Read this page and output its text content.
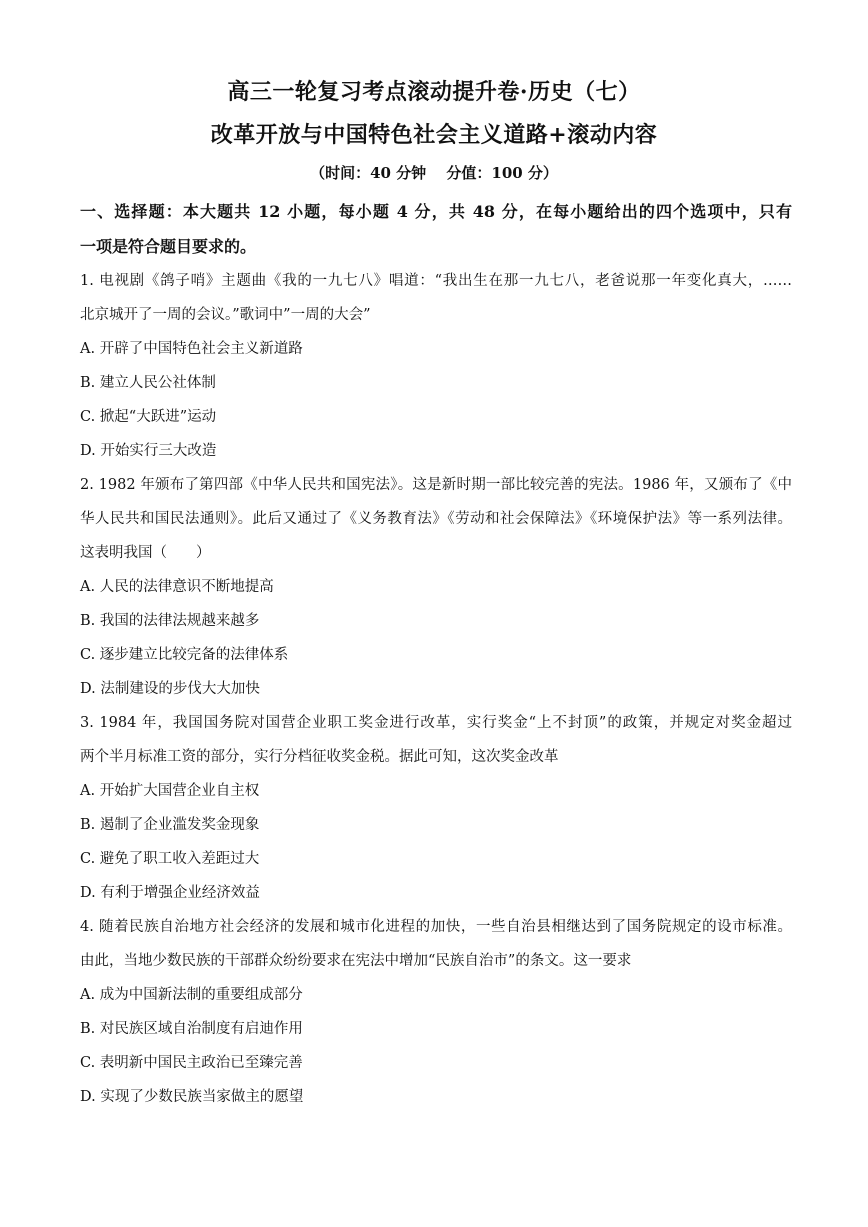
高三一轮复习考点滚动提升卷·历史（七）
改革开放与中国特色社会主义道路+滚动内容
（时间：40 分钟　 分值：100 分）
一、选择题：本大题共 12 小题，每小题 4 分，共 48 分，在每小题给出的四个选项中，只有
一项是符合题目要求的。
1. 电视剧《鸽子哨》主题曲《我的一九七八》唱道：“我出生在那一九七八，老爸说那一年变化真大，……
北京城开了一周的会议。”歌词中”一周的大会”
A. 开辟了中国特色社会主义新道路
B. 建立人民公社体制
C. 掀起“大跃进”运动
D. 开始实行三大改造
2. 1982 年颁布了第四部《中华人民共和国宪法》。这是新时期一部比较完善的宪法。1986 年，又颁布了《中
华人民共和国民法通则》。此后又通过了《义务教育法》《劳动和社会保障法》《环境保护法》等一系列法律。
这表明我国（　　）
A. 人民的法律意识不断地提高
B. 我国的法律法规越来越多
C. 逐步建立比较完备的法律体系
D. 法制建设的步伐大大加快
3. 1984 年，我国国务院对国营企业职工奖金进行改革，实行奖金“上不封顶”的政策，并规定对奖金超过
两个半月标准工资的部分，实行分档征收奖金税。据此可知，这次奖金改革
A. 开始扩大国营企业自主权
B. 遏制了企业滥发奖金现象
C. 避免了职工收入差距过大
D. 有利于增强企业经济效益
4. 随着民族自治地方社会经济的发展和城市化进程的加快，一些自治县相继达到了国务院规定的设市标准。
由此，当地少数民族的干部群众纷纷要求在宪法中增加“民族自治市”的条文。这一要求
A. 成为中国新法制的重要组成部分
B. 对民族区域自治制度有启迪作用
C. 表明新中国民主政治已至臻完善
D. 实现了少数民族当家做主的愿望
